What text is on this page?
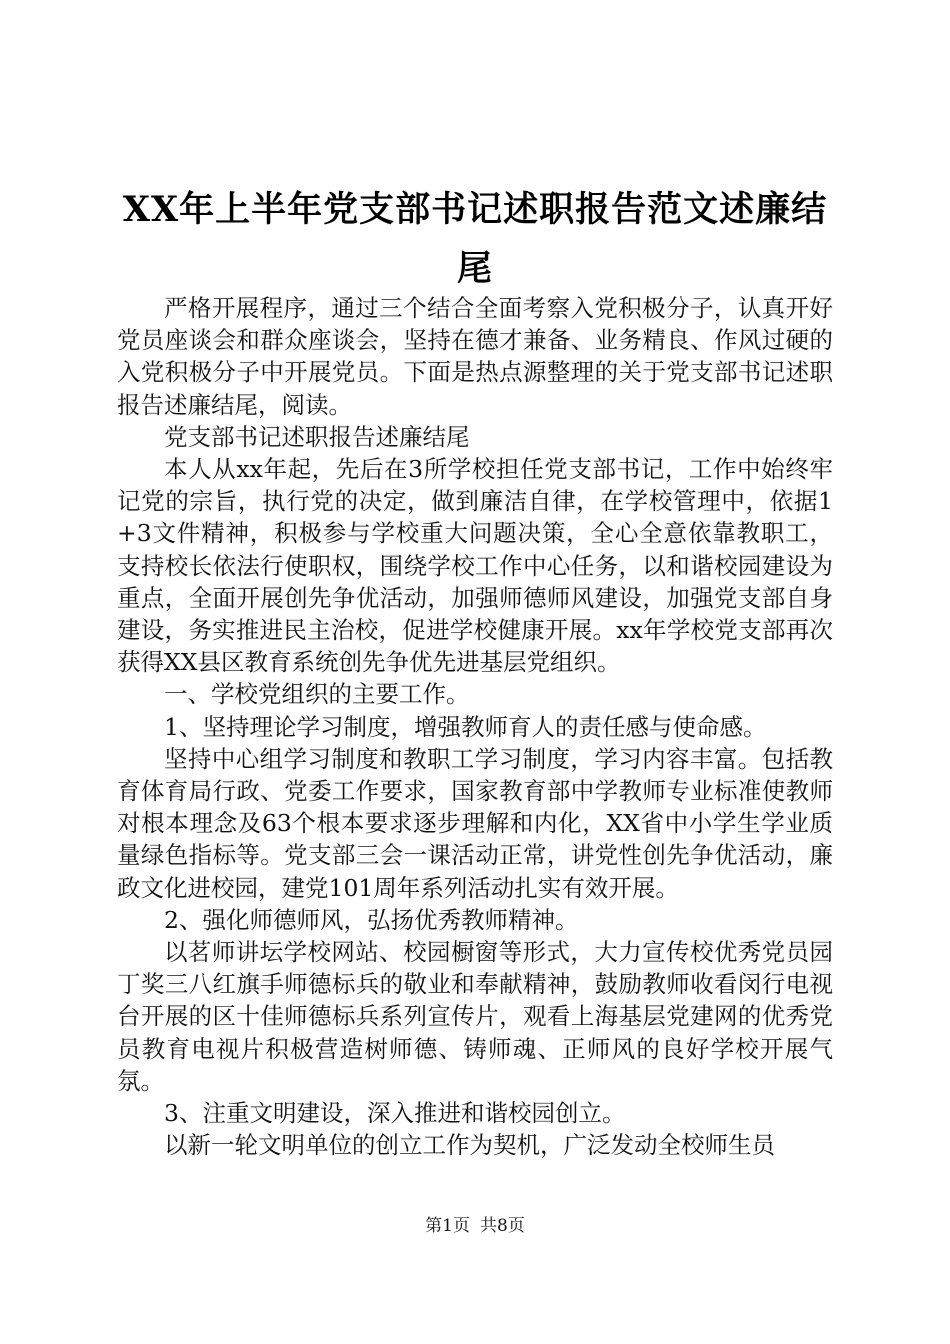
XX年上半年党支部书记述职报告范文述廉结
尾

严格开展程序，通过三个结合全面考察入党积极分子，认真开好党员座谈会和群众座谈会，坚持在德才兼备、业务精良、作风过硬的入党积极分子中开展党员。下面是热点源整理的关于党支部书记述职报告述廉结尾，阅读。

党支部书记述职报告述廉结尾

本人从xx年起，先后在3所学校担任党支部书记，工作中始终牢记党的宗旨，执行党的决定，做到廉洁自律，在学校管理中，依据1+3文件精神，积极参与学校重大问题决策，全心全意依靠教职工，支持校长依法行使职权，围绕学校工作中心任务，以和谐校园建设为重点，全面开展创先争优活动，加强师德师风建设，加强党支部自身建设，务实推进民主治校，促进学校健康开展。xx年学校党支部再次获得XX县区教育系统创先争优先进基层党组织。

一、学校党组织的主要工作。

1、坚持理论学习制度，增强教师育人的责任感与使命感。

坚持中心组学习制度和教职工学习制度，学习内容丰富。包括教育体育局行政、党委工作要求，国家教育部中学教师专业标准使教师对根本理念及63个根本要求逐步理解和内化，XX省中小学生学业质量绿色指标等。党支部三会一课活动正常，讲党性创先争优活动，廉政文化进校园，建党101周年系列活动扎实有效开展。

2、强化师德师风，弘扬优秀教师精神。

以茗师讲坛学校网站、校园橱窗等形式，大力宣传校优秀党员园丁奖三八红旗手师德标兵的敬业和奉献精神，鼓励教师收看闵行电视台开展的区十佳师德标兵系列宣传片，观看上海基层党建网的优秀党员教育电视片积极营造树师德、铸师魂、正师风的良好学校开展气氛。

3、注重文明建设，深入推进和谐校园创立。

以新一轮文明单位的创立工作为契机，广泛发动全校师生员

第1页 共8页
